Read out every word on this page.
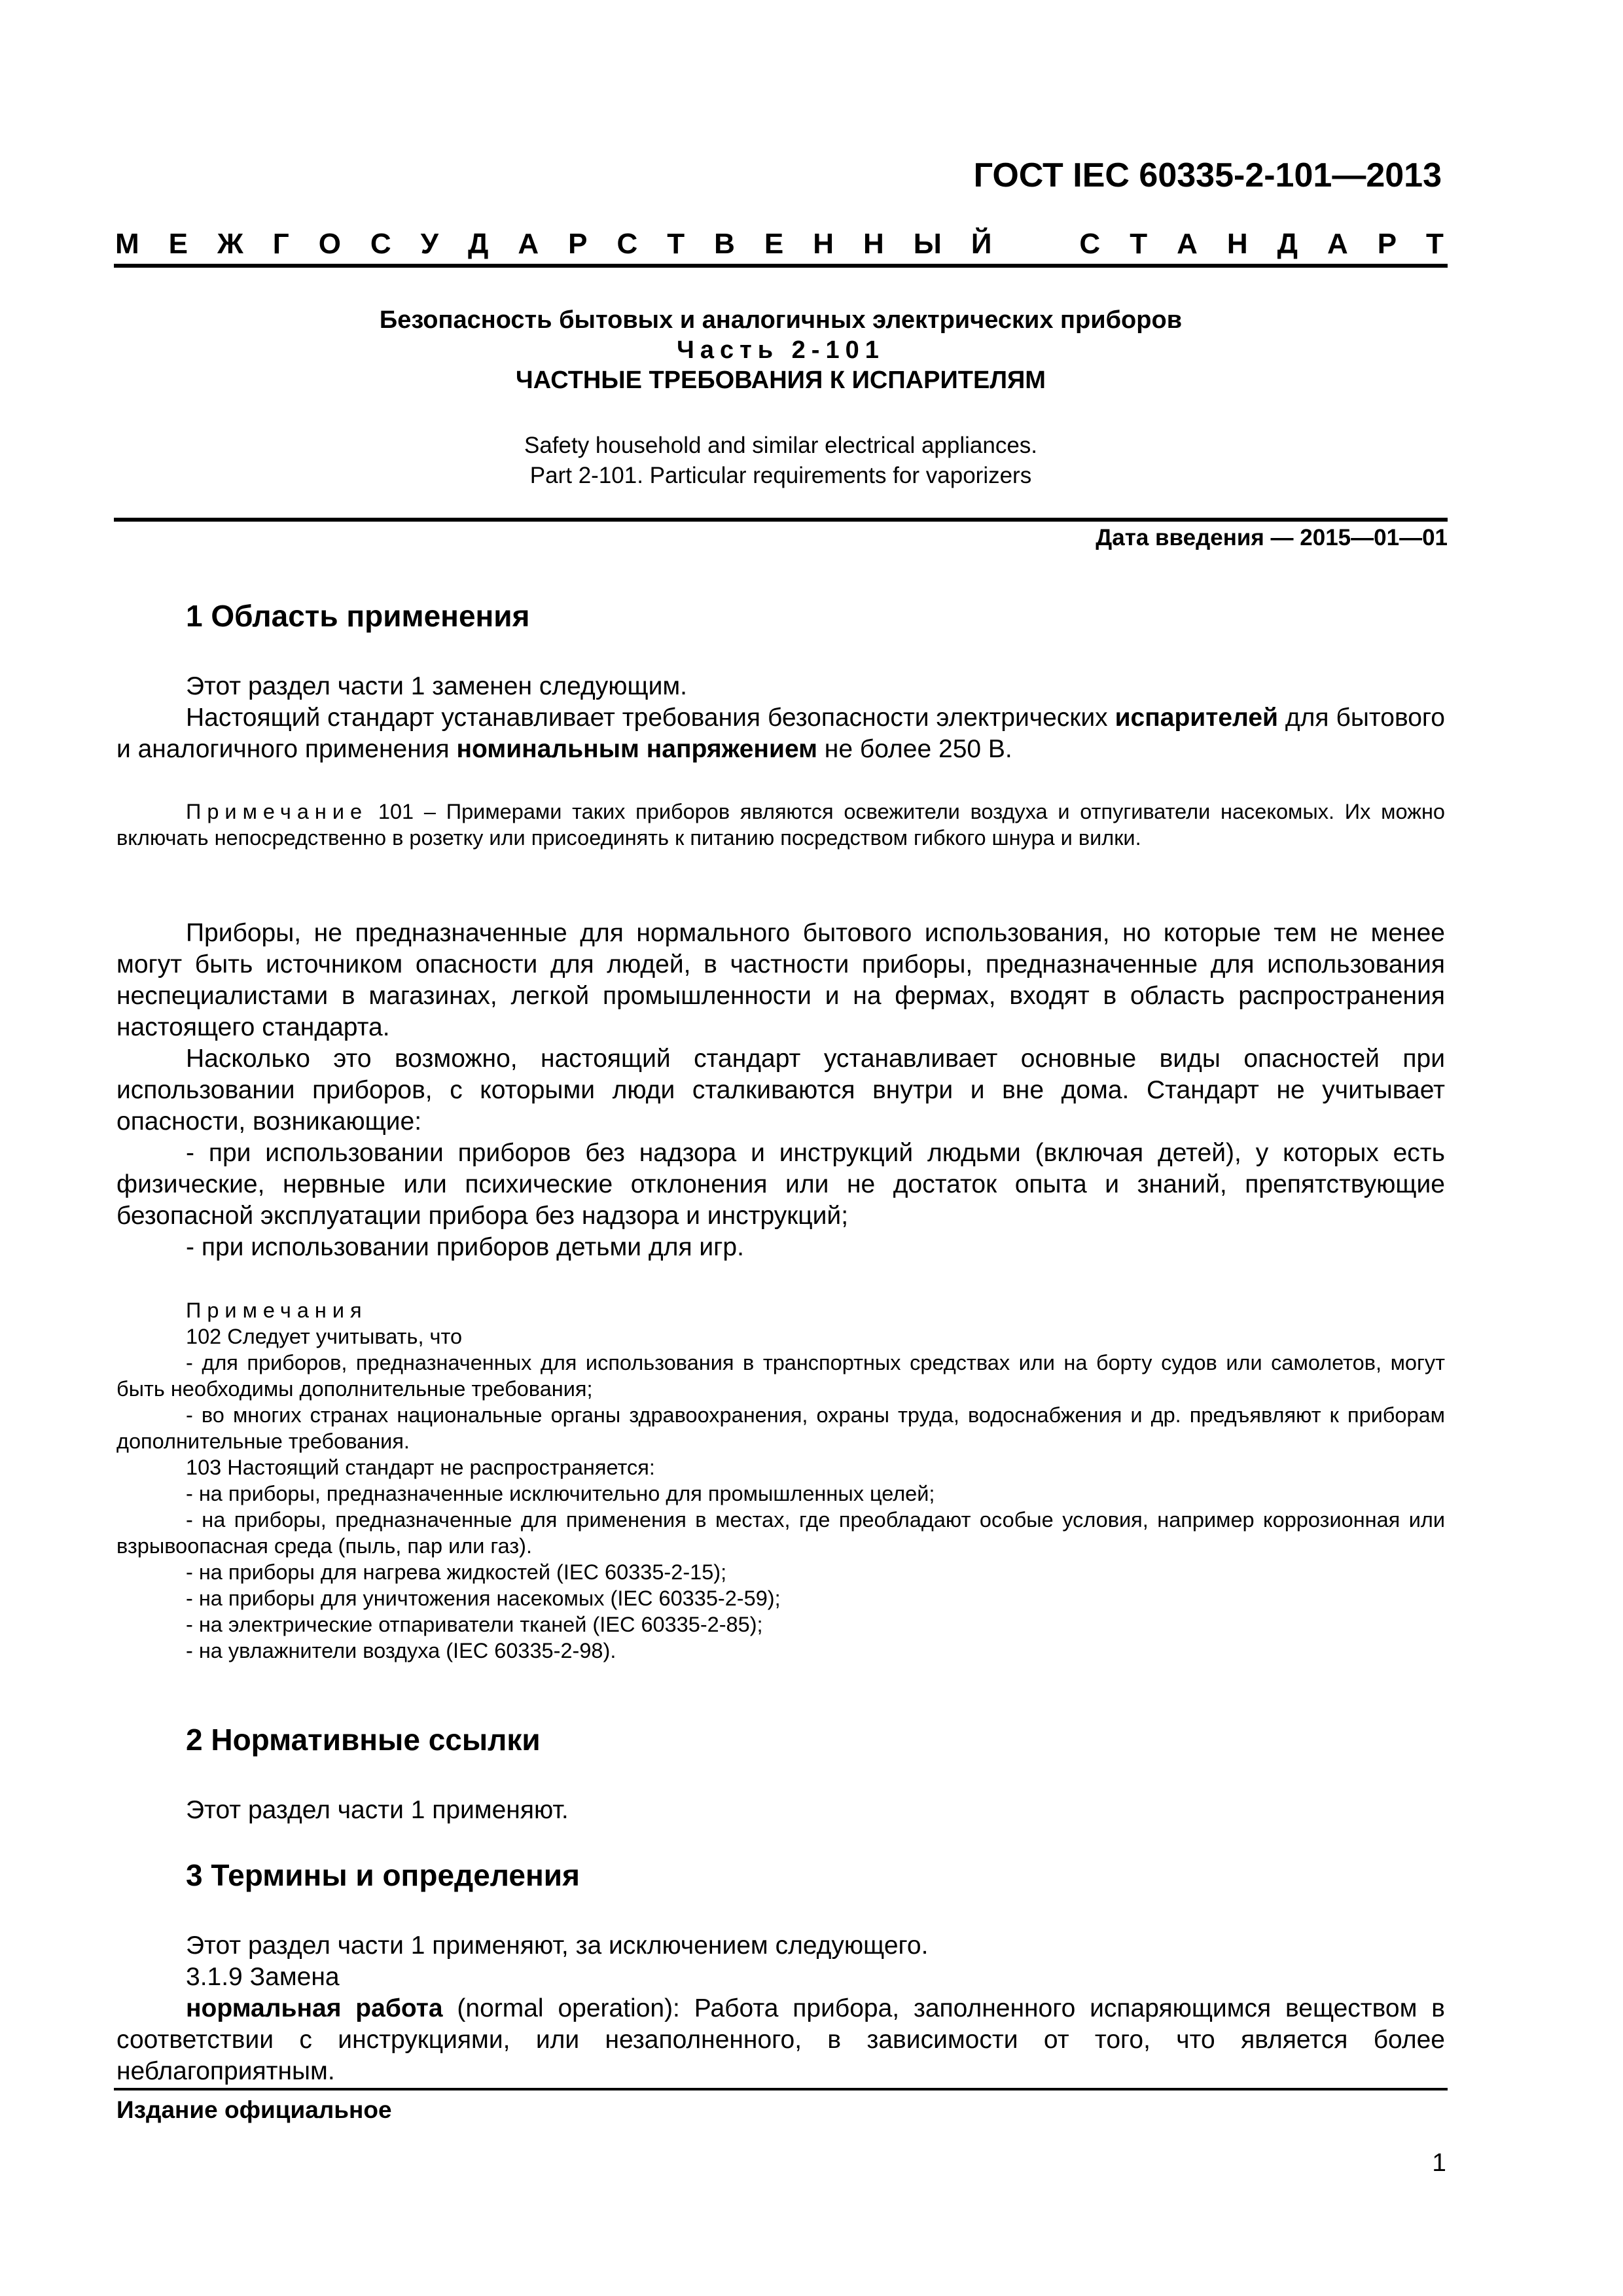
ГОСТ IEC 60335-2-101—2013
М Е Ж Г О С У Д А Р С Т В Е Н Н Ы Й	С Т А Н Д А Р Т
Безопасность бытовых и аналогичных электрических приборов
Часть 2-101
ЧАСТНЫЕ ТРЕБОВАНИЯ К ИСПАРИТЕЛЯМ
Safety household and similar electrical appliances.
Part 2-101. Particular requirements for vaporizers
Дата введения — 2015—01—01
1 Область применения

Этот раздел части 1 заменен следующим.

Настоящий стандарт устанавливает требования безопасности электрических испарителей для бытового и аналогичного применения номинальным напряжением не более 250 В.

Примечание 101 – Примерами таких приборов являются освежители воздуха и отпугиватели насекомых. Их можно включать непосредственно в розетку или присоединять к питанию посредством гибкого шнура и вилки.

Приборы, не предназначенные для нормального бытового использования, но которые тем не менее могут быть источником опасности для людей, в частности приборы, предназначенные для использования неспециалистами в магазинах, легкой промышленности и на фермах, входят в область распространения настоящего стандарта.

Насколько это возможно, настоящий стандарт устанавливает основные виды опасностей при использовании приборов, с которыми люди сталкиваются внутри и вне дома. Стандарт не учитывает опасности, возникающие:

- при использовании приборов без надзора и инструкций людьми (включая детей), у которых есть физические, нервные или психические отклонения или не достаток опыта и знаний, препятствующие безопасной эксплуатации прибора без надзора и инструкций;

- при использовании приборов детьми для игр.

Примечания

102 Следует учитывать, что

- для приборов, предназначенных для использования в транспортных средствах или на борту судов или самолетов, могут быть необходимы дополнительные требования;

- во многих странах национальные органы здравоохранения, охраны труда, водоснабжения и др. предъявляют к приборам дополнительные требования.

103 Настоящий стандарт не распространяется:

- на приборы, предназначенные исключительно для промышленных целей;

- на приборы, предназначенные для применения в местах, где преобладают особые условия, например коррозионная или взрывоопасная среда (пыль, пар или газ).

- на приборы для нагрева жидкостей (IEC 60335-2-15);

- на приборы для уничтожения насекомых (IEC 60335-2-59);

- на электрические отпариватели тканей (IEC 60335-2-85);

- на увлажнители воздуха (IEC 60335-2-98).

2 Нормативные ссылки

Этот раздел части 1 применяют.

3 Термины и определения

Этот раздел части 1 применяют, за исключением следующего.

3.1.9 Замена

нормальная работа (normal operation): Работа прибора, заполненного испаряющимся веществом в соответствии с инструкциями, или незаполненного, в зависимости от того, что является более неблагоприятным.

Издание официальное
1
